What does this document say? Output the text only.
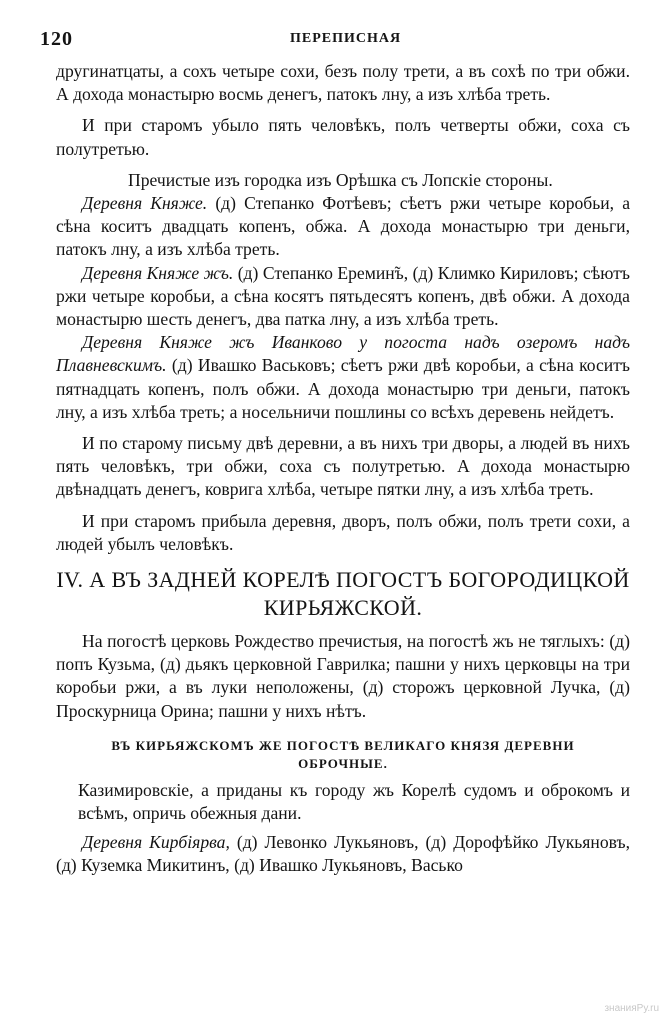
120	ПЕРЕПИСНАЯ

другинатцаты, а сохъ четыре сохи, безъ полу трети, а въ сохѣ по три обжи. А дохода монастырю восмь денегъ, патокъ лну, а изъ хлѣба треть.

И при старомъ убыло пять человѣкъ, полъ четверты обжи, соха съ полутретью.

Пречистые изъ городка изъ Орѣшка съ Лопскіе стороны.

Деревня Княже. (д) Степанко Фотѣевъ; сѣетъ ржи четыре коробьи, а сѣна коситъ двадцать копенъ, обжа. А дохода монастырю три деньги, патокъ лну, а изъ хлѣба треть.

Деревня Княже жъ. (д) Степанко Еремин̃ъ, (д) Климко Кириловъ; сѣютъ ржи четыре коробьи, а сѣна косятъ пятьдесятъ копенъ, двѣ обжи. А дохода монастырю шесть денегъ, два патка лну, а изъ хлѣба треть.

Деревня Княже жъ Иванково у погоста надъ озеромъ надъ Плавневскимъ. (д) Ивашко Васьковъ; сѣетъ ржи двѣ коробьи, а сѣна коситъ пятнадцать копенъ, полъ обжи. А дохода монастырю три деньги, патокъ лну, а изъ хлѣба треть; а носельничи пошлины со всѣхъ деревень нейдетъ.

И по старому письму двѣ деревни, а въ нихъ три дворы, а людей въ нихъ пять человѣкъ, три обжи, соха съ полутретью. А дохода монастырю двѣнадцать денегъ, коврига хлѣба, четыре пятки лну, а изъ хлѣба треть.

И при старомъ прибыла деревня, дворъ, полъ обжи, полъ трети сохи, а людей убылъ человѣкъ.

IV. А ВЪ ЗАДНЕЙ КОРЕЛѢ ПОГОСТЪ БОГОРОДИЦКОЙ
КИРЬЯЖСКОЙ.

На погостѣ церковь Рождество пречистыя, на погостѣ жъ не тяглыхъ: (д) попъ Кузьма, (д) дьякъ церковной Гаврилка; пашни у нихъ церковцы на три коробьи ржи, а въ луки неположены, (д) сторожъ церковной Лучка, (д) Проскурница Орина; пашни у нихъ нѣтъ.

ВЪ КИРЬЯЖСКОМЪ ЖЕ ПОГОСТѢ ВЕЛИКАГО КНЯЗЯ ДЕРЕВНИ
ОБРОЧНЫЕ.

Казимировскіе, а приданы къ городу жъ Корелѣ судомъ и оброкомъ и всѣмъ, опричь обежныя дани.

Деревня Кирбіярва, (д) Левонко Лукьяновъ, (д) Дорофѣйко Лукьяновъ, (д) Куземка Микитинъ, (д) Ивашко Лукьяновъ, Васько

знанияРу.ru
